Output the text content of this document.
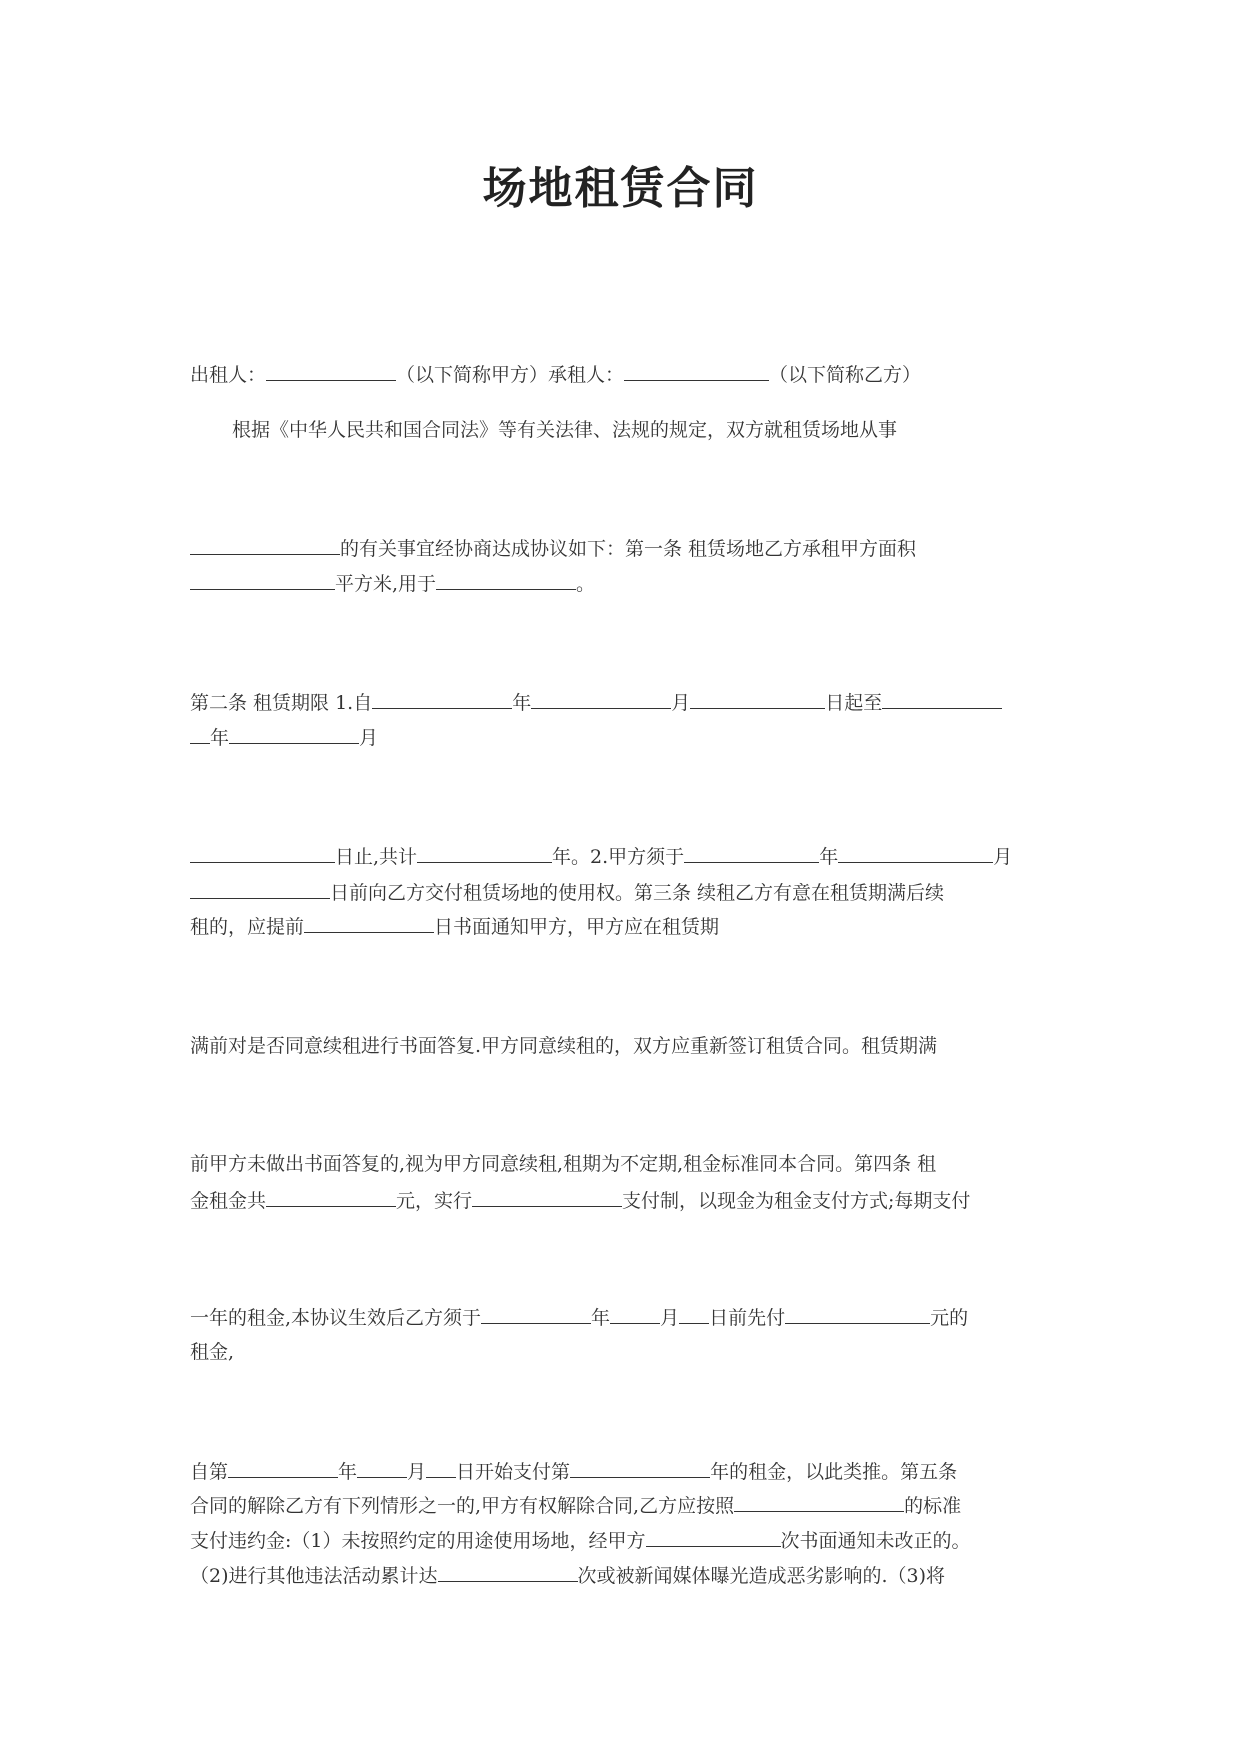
场地租赁合同
出租人：	（以下简称甲方）承租人：	（以下简称乙方）
根据《中华人民共和国合同法》等有关法律、法规的规定，双方就租赁场地从事
的有关事宜经协商达成协议如下：第一条 租赁场地乙方承租甲方面积
平方米,用于	。
第二条 租赁期限 1.自	年	月	日起至
年	月
日止,共计	年。2.甲方须于	年	月
日前向乙方交付租赁场地的使用权。第三条 续租乙方有意在租赁期满后续
租的，应提前	日书面通知甲方，甲方应在租赁期
满前对是否同意续租进行书面答复.甲方同意续租的，双方应重新签订租赁合同。租赁期满
前甲方未做出书面答复的,视为甲方同意续租,租期为不定期,租金标准同本合同。第四条 租
金租金共	元，实行	支付制，以现金为租金支付方式;每期支付
一年的租金,本协议生效后乙方须于	年	月 日前先付	元的
租金,
自第	年	月 日开始支付第	年的租金，以此类推。第五条
合同的解除乙方有下列情形之一的,甲方有权解除合同,乙方应按照	的标准
支付违约金:（1）未按照约定的用途使用场地，经甲方	次书面通知未改正的。
（2)进行其他违法活动累计达	次或被新闻媒体曝光造成恶劣影响的.（3)将
